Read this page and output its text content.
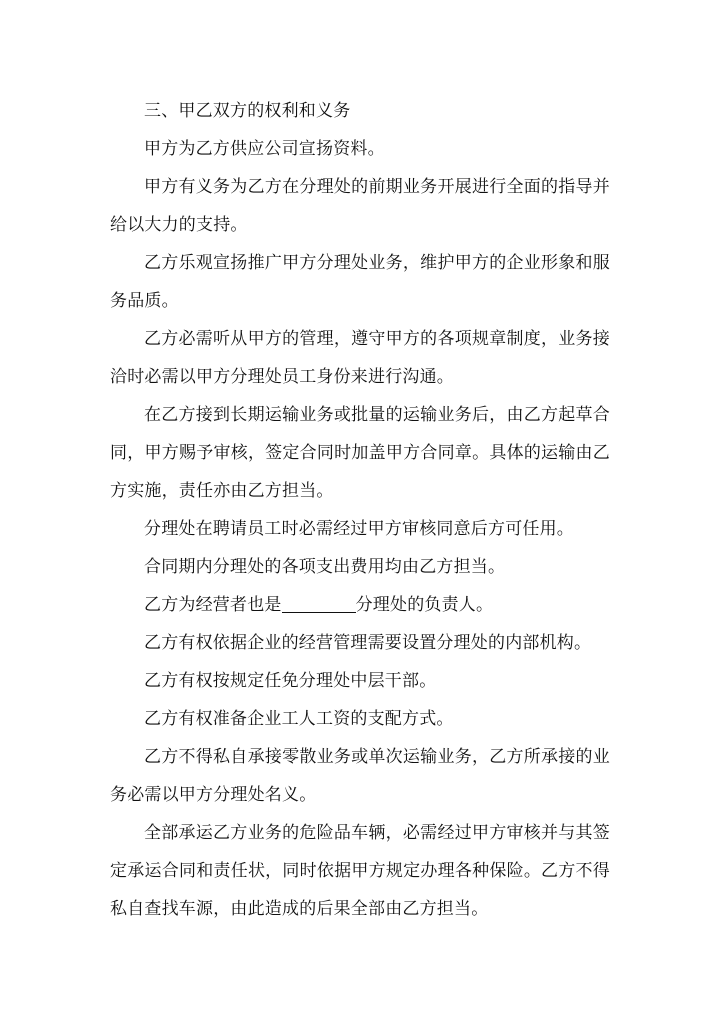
三、甲乙双方的权利和义务

甲方为乙方供应公司宣扬资料。

甲方有义务为乙方在分理处的前期业务开展进行全面的指导并给以大力的支持。

乙方乐观宣扬推广甲方分理处业务，维护甲方的企业形象和服务品质。

乙方必需听从甲方的管理，遵守甲方的各项规章制度，业务接洽时必需以甲方分理处员工身份来进行沟通。

在乙方接到长期运输业务或批量的运输业务后，由乙方起草合同，甲方赐予审核，签定合同时加盖甲方合同章。具体的运输由乙方实施，责任亦由乙方担当。

分理处在聘请员工时必需经过甲方审核同意后方可任用。

合同期内分理处的各项支出费用均由乙方担当。

乙方为经营者也是	分理处的负责人。

乙方有权依据企业的经营管理需要设置分理处的内部机构。

乙方有权按规定任免分理处中层干部。

乙方有权准备企业工人工资的支配方式。

乙方不得私自承接零散业务或单次运输业务，乙方所承接的业务必需以甲方分理处名义。

全部承运乙方业务的危险品车辆，必需经过甲方审核并与其签定承运合同和责任状，同时依据甲方规定办理各种保险。乙方不得私自查找车源，由此造成的后果全部由乙方担当。
